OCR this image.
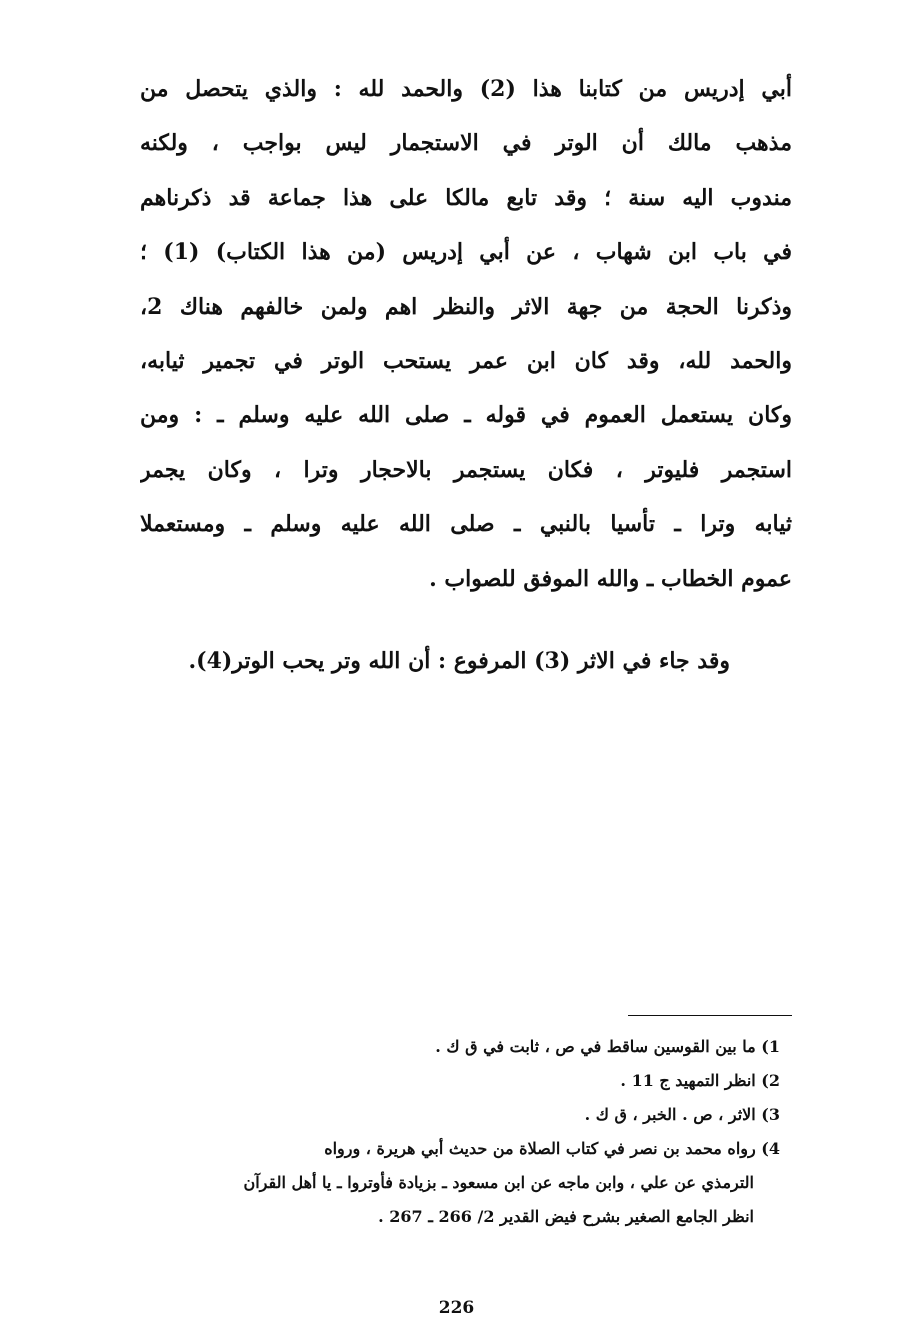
أبي إدريس من كتابنا هذا (2) والحمد لله : والذي يتحصل من
مذهب مالك أن الوتر في الاستجمار ليس بواجب ، ولكنه
مندوب اليه سنة ؛ وقد تابع مالكا على هذا جماعة قد ذكرناهم
في باب ابن شهاب ، عن أبي إدريس (من هذا الكتاب) (1) ؛
وذكرنا الحجة من جهة الاثر والنظر اهم ولمن خالفهم هناك 2،
والحمد لله، وقد كان ابن عمر يستحب الوتر في تجمير ثيابه،
وكان يستعمل العموم في قوله ـ صلى الله عليه وسلم ـ : ومن
استجمر فليوتر ، فكان يستجمر بالاحجار وترا ، وكان يجمر
ثيابه وترا ـ تأسيا بالنبي ـ صلى الله عليه وسلم ـ ومستعملا
عموم الخطاب ـ والله الموفق للصواب .
وقد جاء في الاثر (3) المرفوع : أن الله وتر يحب الوتر(4).
1) ما بين القوسين ساقط في ص ، ثابت في ق ك .
2) انظر التمهيد ج 11 .
3) الاثر ، ص . الخبر ، ق ك .
4) رواه محمد بن نصر في كتاب الصلاة من حديث أبي هريرة ، ورواه
الترمذي عن علي ، وابن ماجه عن ابن مسعود ـ بزيادة فأوتروا ـ يا أهل القرآن
انظر الجامع الصغير بشرح فيض القدير 2/ 266 ـ 267 .
226
